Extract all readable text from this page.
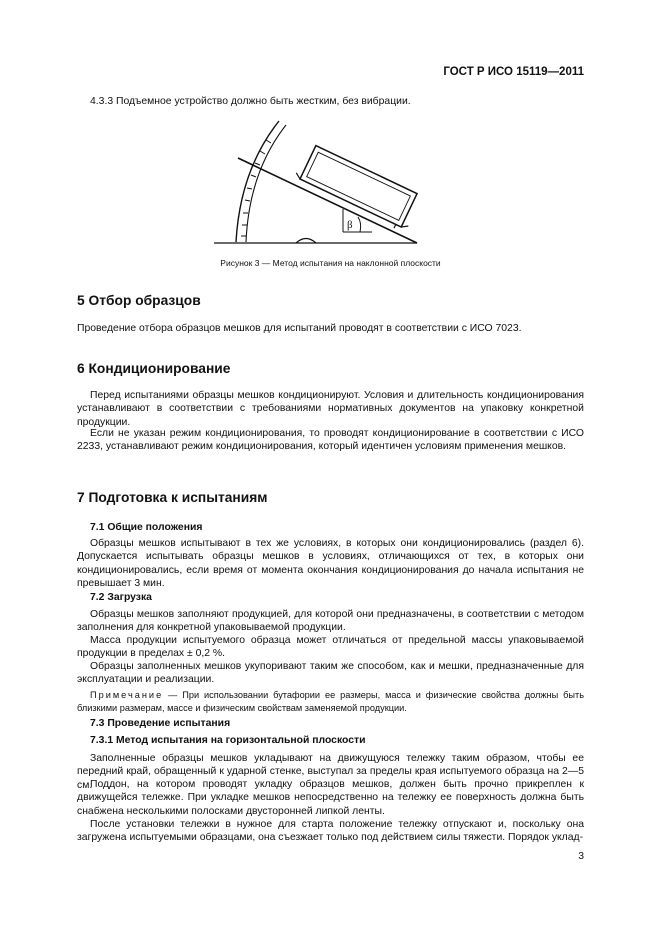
ГОСТ Р ИСО 15119—2011

4.3.3 Подъемное устройство должно быть жестким, без вибрации.

β
Рисунок 3 — Метод испытания на наклонной плоскости
5 Отбор образцов

Проведение отбора образцов мешков для испытаний проводят в соответствии с ИСО 7023.

6 Кондиционирование

Перед испытаниями образцы мешков кондиционируют. Условия и длительность кондиционирования устанавливают в соответствии с требованиями нормативных документов на упаковку конкретной продукции.

Если не указан режим кондиционирования, то проводят кондиционирование в соответствии с ИСО 2233, устанавливают режим кондиционирования, который идентичен условиям применения мешков.

7 Подготовка к испытаниям
7.1 Общие положения

Образцы мешков испытывают в тех же условиях, в которых они кондиционировались (раздел 6). Допускается испытывать образцы мешков в условиях, отличающихся от тех, в которых они кондиционировались, если время от момента окончания кондиционирования до начала испытания не превышает 3 мин.

7.2 Загрузка

Образцы мешков заполняют продукцией, для которой они предназначены, в соответствии с методом заполнения для конкретной упаковываемой продукции.

Масса продукции испытуемого образца может отличаться от предельной массы упаковываемой продукции в пределах ± 0,2 %.

Образцы заполненных мешков укупоривают таким же способом, как и мешки, предназначенные для эксплуатации и реализации.

Примечание — При использовании бутафории ее размеры, масса и физические свойства должны быть близкими размерам, массе и физическим свойствам заменяемой продукции.

7.3 Проведение испытания
7.3.1 Метод испытания на горизонтальной плоскости

Заполненные образцы мешков укладывают на движущуюся тележку таким образом, чтобы ее передний край, обращенный к ударной стенке, выступал за пределы края испытуемого образца на 2—5 см.

Поддон, на котором проводят укладку образцов мешков, должен быть прочно прикреплен к движущейся тележке. При укладке мешков непосредственно на тележку ее поверхность должна быть снабжена несколькими полосками двусторонней липкой ленты.

После установки тележки в нужное для старта положение тележку отпускают и, поскольку она загружена испытуемыми образцами, она съезжает только под действием силы тяжести. Порядок уклад-

3
